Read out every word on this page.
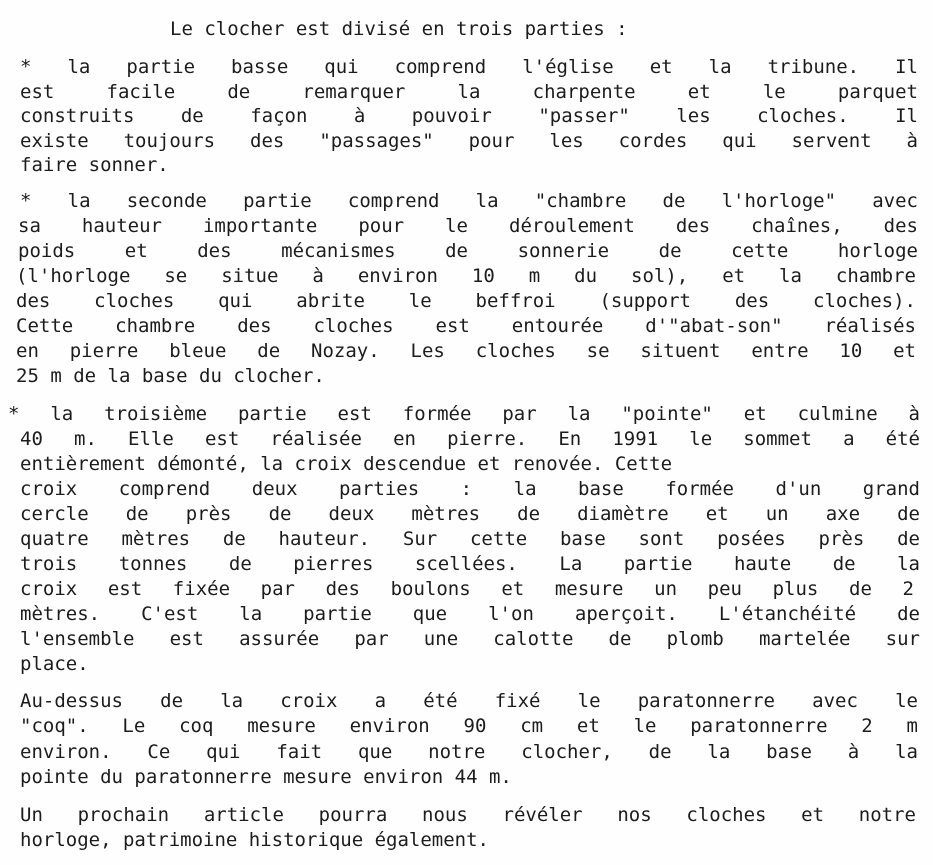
Le clocher est divisé en trois parties :
* la partie basse qui comprend l'église et la tribune. Il
est facile de remarquer la charpente et le parquet
construits de façon à pouvoir "passer" les cloches. Il
existe toujours des "passages" pour les cordes qui servent à
faire sonner.
* la seconde partie comprend la "chambre de l'horloge" avec
sa hauteur importante pour le déroulement des chaînes, des
poids et des mécanismes de sonnerie de cette horloge
(l'horloge se situe à environ 10 m du sol), et la chambre
des cloches qui abrite le beffroi (support des cloches).
Cette chambre des cloches est entourée d'"abat-son" réalisés
en pierre bleue de Nozay. Les cloches se situent entre 10 et
25 m de la base du clocher.
* la troisième partie est formée par la "pointe" et culmine à
40 m. Elle est réalisée en pierre. En 1991 le sommet a été
entièrement démonté, la croix descendue et renovée. Cette
croix comprend deux parties : la base formée d'un grand
cercle de près de deux mètres de diamètre et un axe de
quatre mètres de hauteur. Sur cette base sont posées près de
trois tonnes de pierres scellées. La partie haute de la
croix est fixée par des boulons et mesure un peu plus de 2
mètres. C'est la partie que l'on aperçoit. L'étanchéité de
l'ensemble est assurée par une calotte de plomb martelée sur
place.
Au-dessus de la croix a été fixé le paratonnerre avec le
"coq". Le coq mesure environ 90 cm et le paratonnerre 2 m
environ. Ce qui fait que notre clocher, de la base à la
pointe du paratonnerre mesure environ 44 m.
Un prochain article pourra nous révéler nos cloches et notre
horloge, patrimoine historique également.
